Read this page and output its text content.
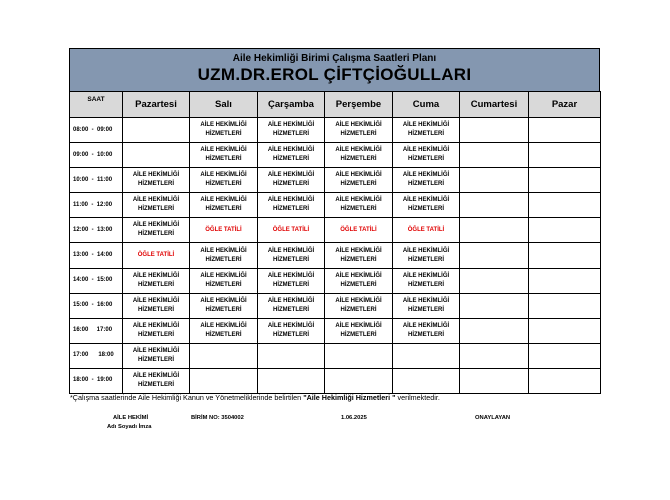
Aile Hekimliği Birimi Çalışma Saatleri Planı
UZM.DR.EROL ÇİFTÇİOĞULLARI
SAAT	Pazartesi	Salı	Çarşamba	Perşembe	Cuma	Cumartesi	Pazar
08:00  -  09:00		AİLE HEKİMLİĞİ HİZMETLERİ	AİLE HEKİMLİĞİ HİZMETLERİ	AİLE HEKİMLİĞİ HİZMETLERİ	AİLE HEKİMLİĞİ HİZMETLERİ		
09:00  -  10:00		AİLE HEKİMLİĞİ HİZMETLERİ	AİLE HEKİMLİĞİ HİZMETLERİ	AİLE HEKİMLİĞİ HİZMETLERİ	AİLE HEKİMLİĞİ HİZMETLERİ		
10:00  -  11:00	AİLE HEKİMLİĞİ HİZMETLERİ	AİLE HEKİMLİĞİ HİZMETLERİ	AİLE HEKİMLİĞİ HİZMETLERİ	AİLE HEKİMLİĞİ HİZMETLERİ	AİLE HEKİMLİĞİ HİZMETLERİ		
11:00  -  12:00	AİLE HEKİMLİĞİ HİZMETLERİ	AİLE HEKİMLİĞİ HİZMETLERİ	AİLE HEKİMLİĞİ HİZMETLERİ	AİLE HEKİMLİĞİ HİZMETLERİ	AİLE HEKİMLİĞİ HİZMETLERİ		
12:00  -  13:00	AİLE HEKİMLİĞİ HİZMETLERİ	ÖĞLE TATİLİ	ÖĞLE TATİLİ	ÖĞLE TATİLİ	ÖĞLE TATİLİ		
13:00  -  14:00	ÖĞLE TATİLİ	AİLE HEKİMLİĞİ HİZMETLERİ	AİLE HEKİMLİĞİ HİZMETLERİ	AİLE HEKİMLİĞİ HİZMETLERİ	AİLE HEKİMLİĞİ HİZMETLERİ		
14:00  -  15:00	AİLE HEKİMLİĞİ HİZMETLERİ	AİLE HEKİMLİĞİ HİZMETLERİ	AİLE HEKİMLİĞİ HİZMETLERİ	AİLE HEKİMLİĞİ HİZMETLERİ	AİLE HEKİMLİĞİ HİZMETLERİ		
15:00  -  16:00	AİLE HEKİMLİĞİ HİZMETLERİ	AİLE HEKİMLİĞİ HİZMETLERİ	AİLE HEKİMLİĞİ HİZMETLERİ	AİLE HEKİMLİĞİ HİZMETLERİ	AİLE HEKİMLİĞİ HİZMETLERİ		
16:00     17:00	AİLE HEKİMLİĞİ HİZMETLERİ	AİLE HEKİMLİĞİ HİZMETLERİ	AİLE HEKİMLİĞİ HİZMETLERİ	AİLE HEKİMLİĞİ HİZMETLERİ	AİLE HEKİMLİĞİ HİZMETLERİ		
17:00      18:00	AİLE HEKİMLİĞİ HİZMETLERİ						
18:00  -  19:00	AİLE HEKİMLİĞİ HİZMETLERİ						
*Çalışma saatlerinde Aile Hekimliği Kanun ve Yönetmeliklerinde belirtilen "Aile Hekimliği Hizmetleri " verilmektedir.
AİLE HEKİMİ
Adı Soyadı İmza
BİRİM NO: 3504002	1.06.2025	ONAYLAYAN
